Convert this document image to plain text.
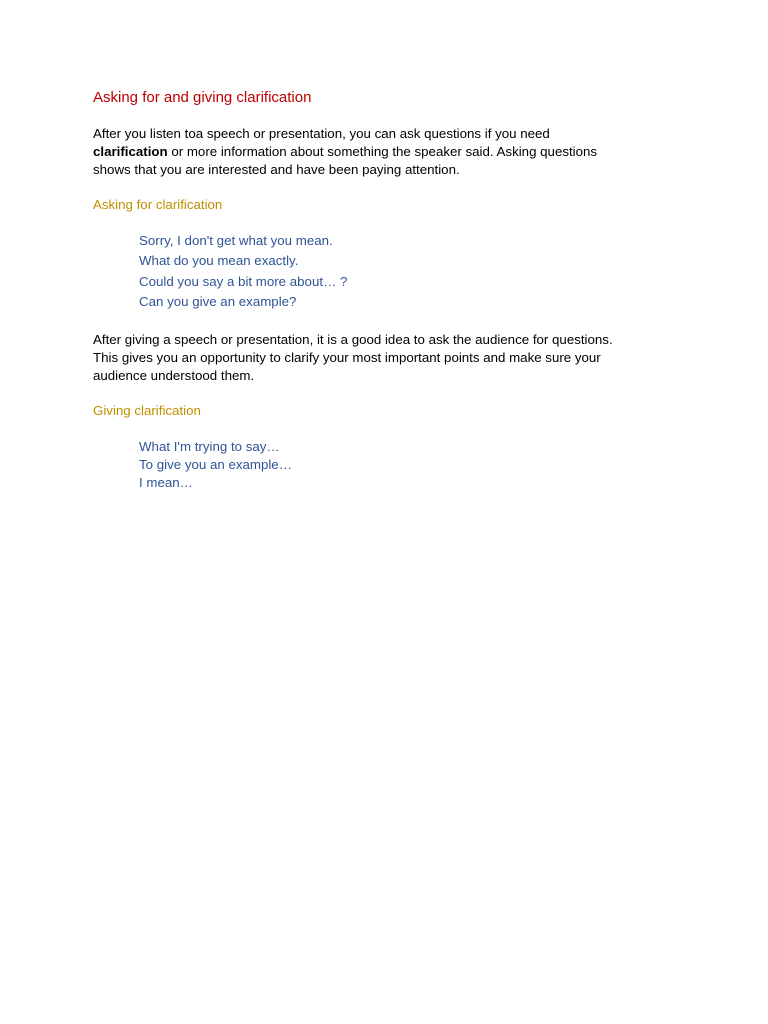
Asking for and giving clarification

After you listen toa speech or presentation, you can ask questions if you need clarification or more information about something the speaker said. Asking questions shows that you are interested and have been paying attention.

Asking for clarification
Sorry, I don't get what you mean.
What do you mean exactly.
Could you say a bit more about… ?
Can you give an example?

After giving a speech or presentation, it is a good idea to ask the audience for questions. This gives you an opportunity to clarify your most important points and make sure your audience understood them.

Giving clarification
What I'm trying to say…
To give you an example…
I mean…
